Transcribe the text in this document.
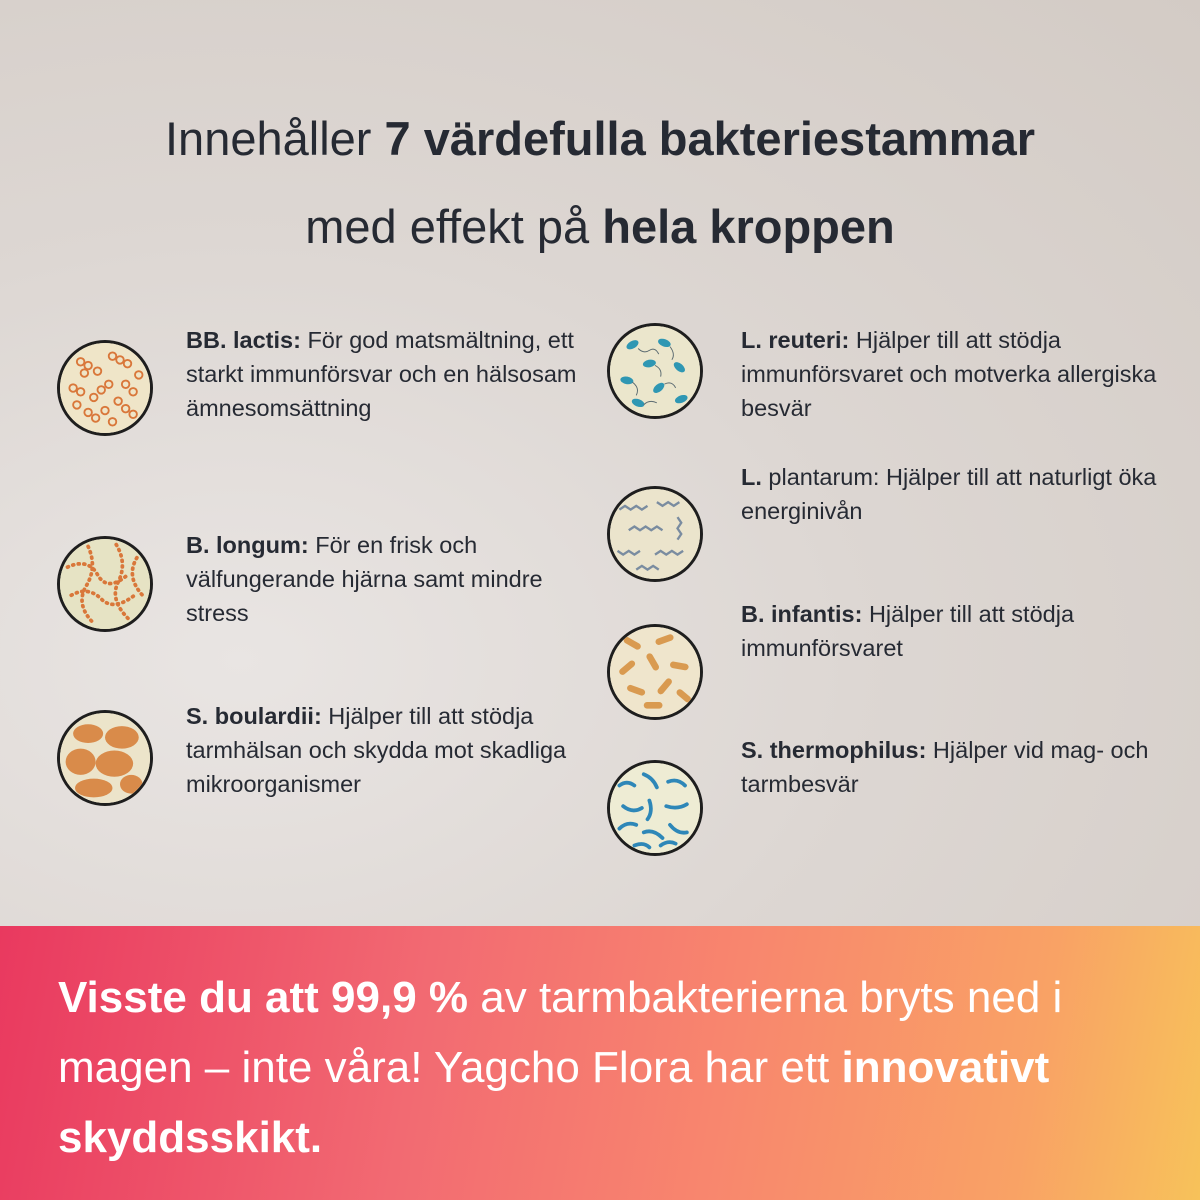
Innehåller 7 värdefulla bakteriestammar
med effekt på hela kroppen
BB. lactis: För god matsmältning, ett starkt immunförsvar och en hälsosam ämnesomsättning
B. longum: För en frisk och välfungerande hjärna samt mindre stress
S. boulardii: Hjälper till att stödja tarmhälsan och skydda mot skadliga mikroorganismer
L. reuteri: Hjälper till att stödja immunförsvaret och motverka allergiska besvär
L. plantarum: Hjälper till att naturligt öka energinivån
B. infantis: Hjälper till att stödja immunförsvaret
S. thermophilus: Hjälper vid mag- och tarmbesvär
Visste du att 99,9 % av tarmbakterierna bryts ned i magen – inte våra! Yagcho Flora har ett innovativt skyddsskikt.
